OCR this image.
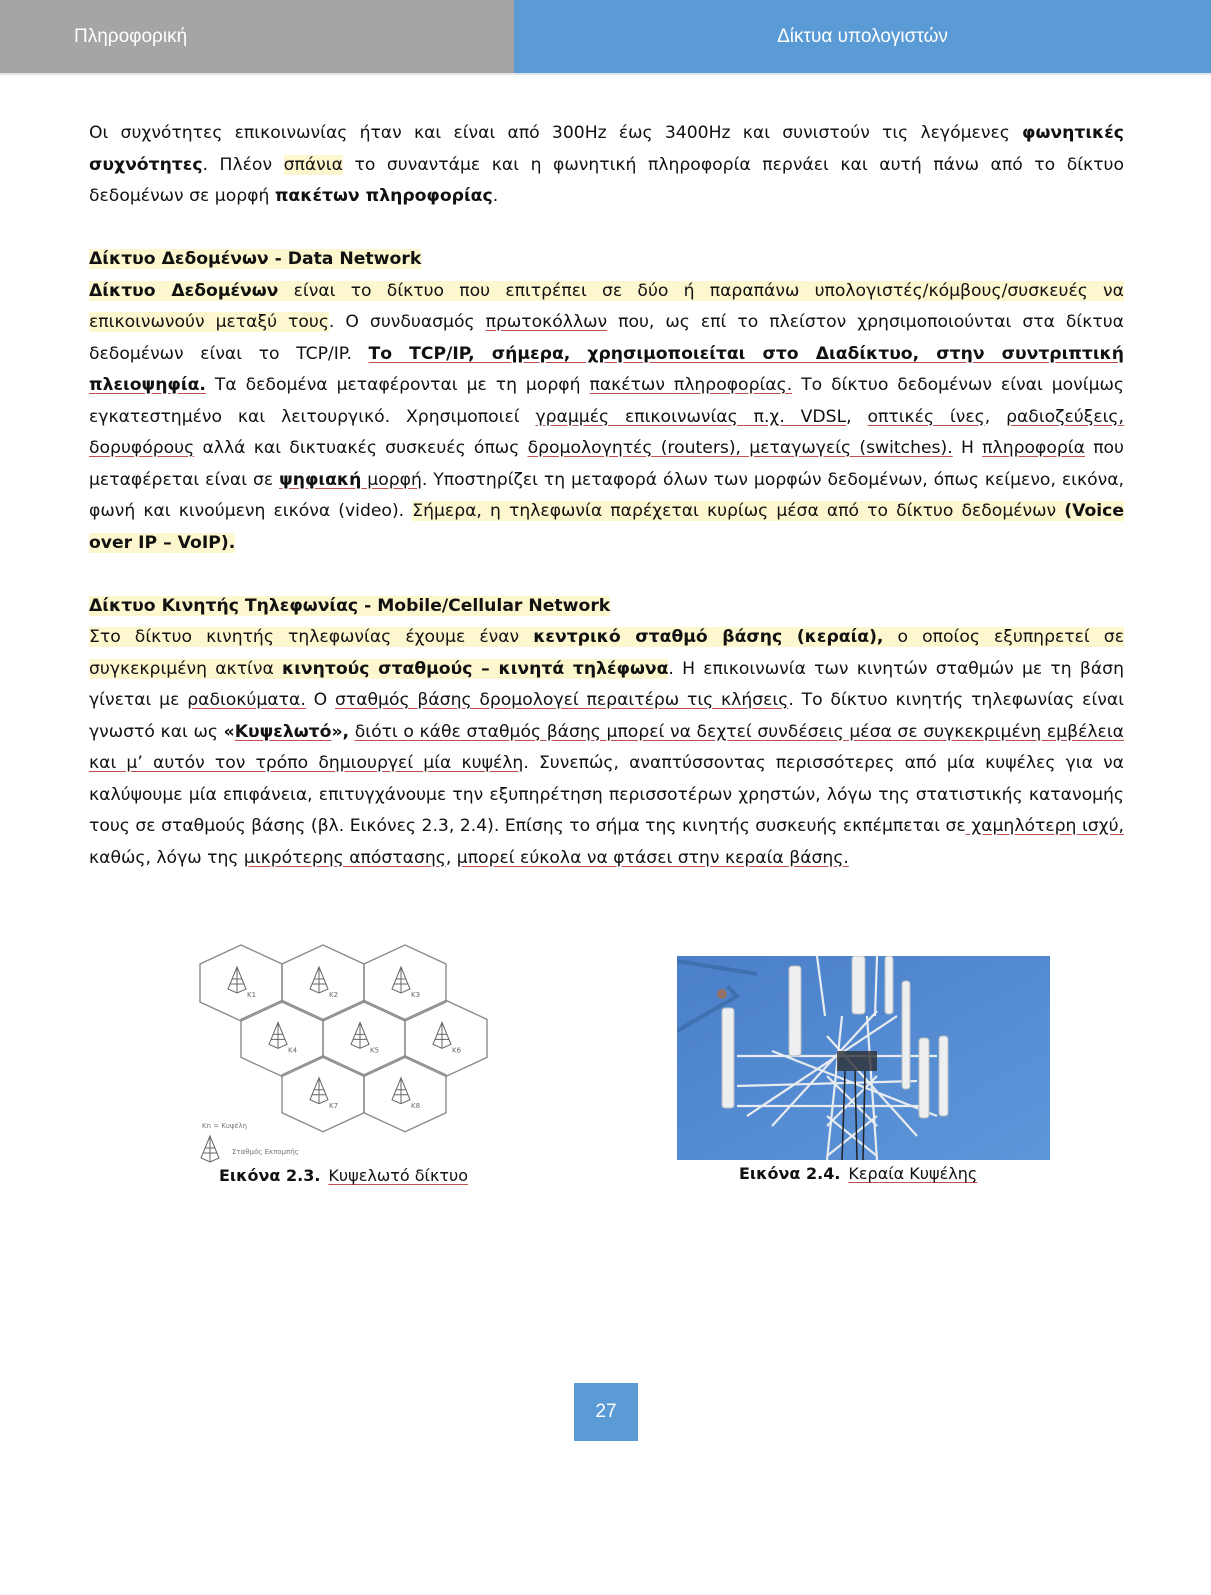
Πληροφορική	Δίκτυα υπολογιστών

Οι συχνότητες επικοινωνίας ήταν και είναι από 300Hz έως 3400Hz και συνιστούν τις λεγόμενες φωνητικές συχνότητες. Πλέον σπάνια το συναντάμε και η φωνητική πληροφορία περνάει και αυτή πάνω από το δίκτυο δεδομένων σε μορφή πακέτων πληροφορίας.

Δίκτυο Δεδομένων - Data Network

Δίκτυο Δεδομένων είναι το δίκτυο που επιτρέπει σε δύο ή παραπάνω υπολογιστές/κόμβους/συσκευές να επικοινωνούν μεταξύ τους. Ο συνδυασμός πρωτοκόλλων που, ως επί το πλείστον χρησιμοποιούνται στα δίκτυα δεδομένων είναι το TCP/IP. Το TCP/IP, σήμερα, χρησιμοποιείται στο Διαδίκτυο, στην συντριπτική πλειοψηφία. Τα δεδομένα μεταφέρονται με τη μορφή πακέτων πληροφορίας. Το δίκτυο δεδομένων είναι μονίμως εγκατεστημένο και λειτουργικό. Χρησιμοποιεί γραμμές επικοινωνίας π.χ. VDSL, οπτικές ίνες, ραδιοζεύξεις, δορυφόρους αλλά και δικτυακές συσκευές όπως δρομολογητές (routers), μεταγωγείς (switches). Η πληροφορία που μεταφέρεται είναι σε ψηφιακή μορφή. Υποστηρίζει τη μεταφορά όλων των μορφών δεδομένων, όπως κείμενο, εικόνα, φωνή και κινούμενη εικόνα (video). Σήμερα, η τηλεφωνία παρέχεται κυρίως μέσα από το δίκτυο δεδομένων (Voice over IP – VoIP).

Δίκτυο Κινητής Τηλεφωνίας - Mobile/Cellular Network

Στο δίκτυο κινητής τηλεφωνίας έχουμε έναν κεντρικό σταθμό βάσης (κεραία), ο οποίος εξυπηρετεί σε συγκεκριμένη ακτίνα κινητούς σταθμούς – κινητά τηλέφωνα. Η επικοινωνία των κινητών σταθμών με τη βάση γίνεται με ραδιοκύματα. Ο σταθμός βάσης δρομολογεί περαιτέρω τις κλήσεις. Το δίκτυο κινητής τηλεφωνίας είναι γνωστό και ως «Κυψελωτό», διότι ο κάθε σταθμός βάσης μπορεί να δεχτεί συνδέσεις μέσα σε συγκεκριμένη εμβέλεια και μ’ αυτόν τον τρόπο δημιουργεί μία κυψέλη. Συνεπώς, αναπτύσσοντας περισσότερες από μία κυψέλες για να καλύψουμε μία επιφάνεια, επιτυγχάνουμε την εξυπηρέτηση περισσοτέρων χρηστών, λόγω της στατιστικής κατανομής τους σε σταθμούς βάσης (βλ. Εικόνες 2.3, 2.4). Επίσης το σήμα της κινητής συσκευής εκπέμπεται σε χαμηλότερη ισχύ, καθώς, λόγω της μικρότερης απόστασης, μπορεί εύκολα να φτάσει στην κεραία βάσης.

K1	K2	K3
K4	K5	K6
K7	K8
Kn = Κυψέλη
Σταθμός Εκπομπής
Εικόνα 2.3. Κυψελωτό δίκτυο	Εικόνα 2.4. Κεραία Κυψέλης
27
